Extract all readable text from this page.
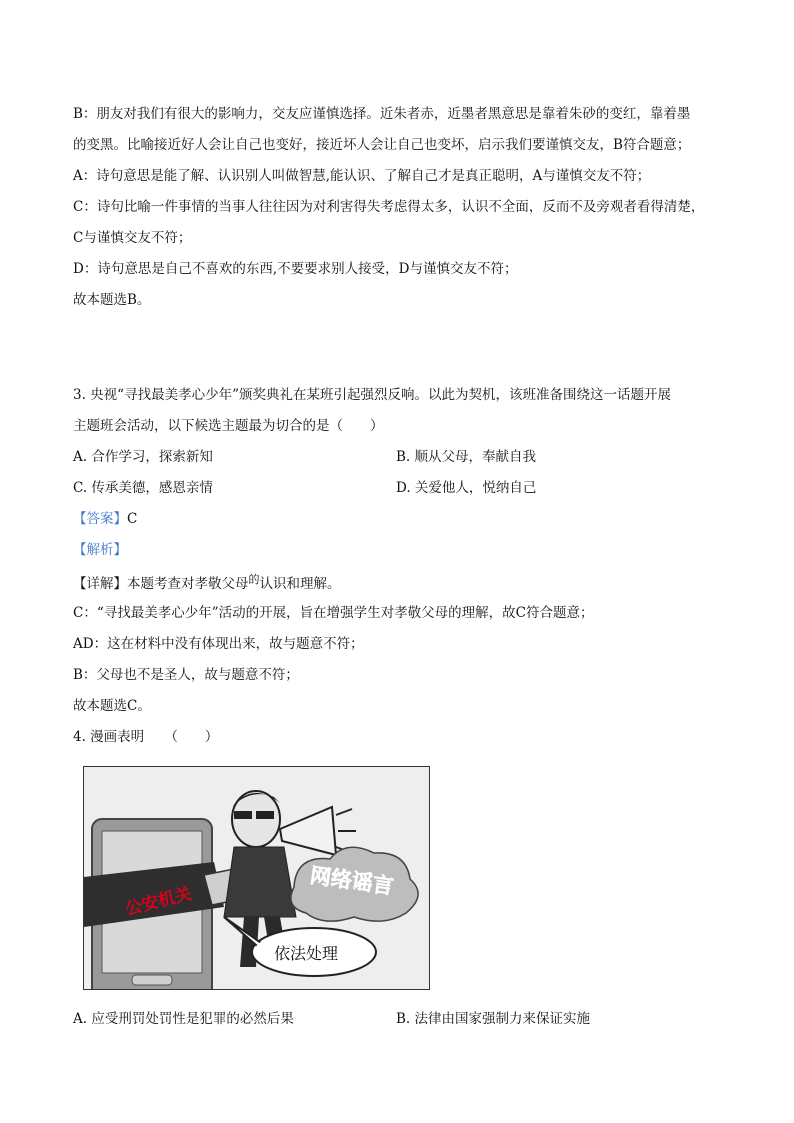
B：朋友对我们有很大的影响力，交友应谨慎选择。近朱者赤，近墨者黑意思是靠着朱砂的变红，靠着墨
的变黑。比喻接近好人会让自己也变好，接近坏人会让自己也变坏，启示我们要谨慎交友，B符合题意；
A：诗句意思是能了解、认识别人叫做智慧,能认识、了解自己才是真正聪明，A与谨慎交友不符；
C：诗句比喻一件事情的当事人往往因为对利害得失考虑得太多，认识不全面，反而不及旁观者看得清楚，
C与谨慎交友不符；
D：诗句意思是自己不喜欢的东西,不要要求别人接受，D与谨慎交友不符；
故本题选B。
3. 央视“寻找最美孝心少年”颁奖典礼在某班引起强烈反响。以此为契机，该班准备围绕这一话题开展
主题班会活动，以下候选主题最为切合的是（　　）
A. 合作学习，探索新知	B. 顺从父母，奉献自我
C. 传承美德，感恩亲情	D. 关爱他人，悦纳自己
【答案】C
【解析】
【详解】本题考查对孝敬父母$^的$认识和理解。
C：“寻找最美孝心少年”活动的开展，旨在增强学生对孝敬父母的理解，故C符合题意；
AD：这在材料中没有体现出来，故与题意不符；
B：父母也不是圣人，故与题意不符；
故本题选C。
4. 漫画表明　　（　　）
公安机关
网络谣言
依法处理
A. 应受刑罚处罚性是犯罪的必然后果	B. 法律由国家强制力来保证实施
